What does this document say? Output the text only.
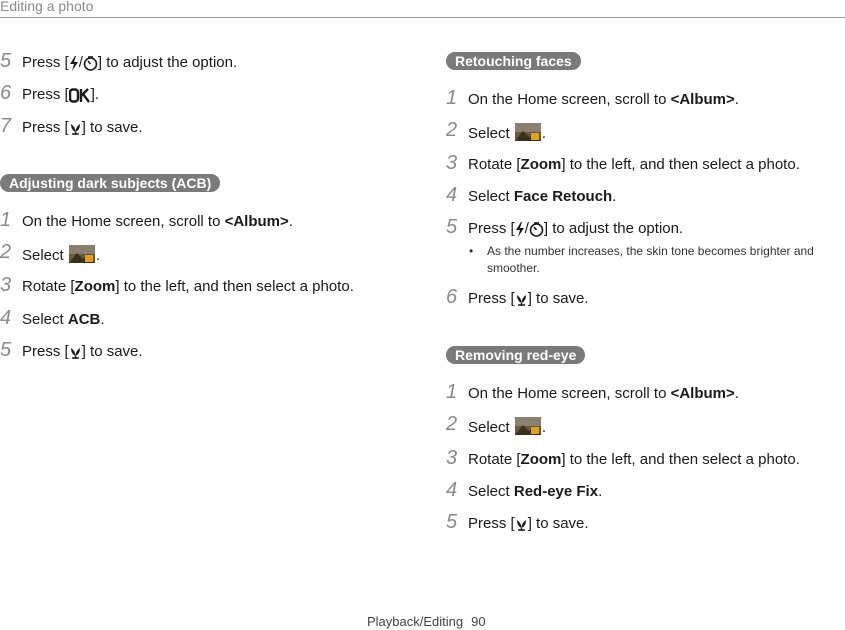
Editing a photo
5 Press [ / ] to adjust the option.
6 Press [ ].
7 Press [ ] to save.
Adjusting dark subjects (ACB)
1 On the Home screen, scroll to <Album>.
2 Select .
3 Rotate [Zoom] to the left, and then select a photo.
4 Select ACB.
5 Press [ ] to save.
Retouching faces
1 On the Home screen, scroll to <Album>.
2 Select .
3 Rotate [Zoom] to the left, and then select a photo.
4 Select Face Retouch.
5 Press [ / ] to adjust the option.
• As the number increases, the skin tone becomes brighter and smoother.
6 Press [ ] to save.
Removing red-eye
1 On the Home screen, scroll to <Album>.
2 Select .
3 Rotate [Zoom] to the left, and then select a photo.
4 Select Red-eye Fix.
5 Press [ ] to save.
Playback/Editing 90
